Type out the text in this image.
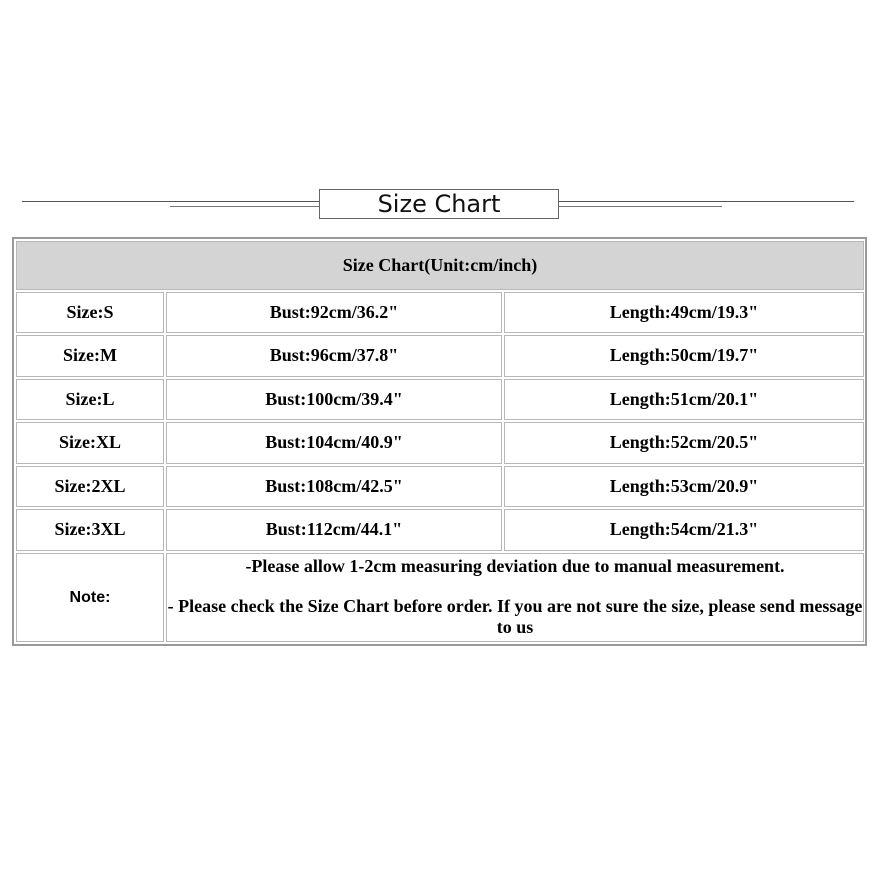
Size Chart
Size Chart(Unit:cm/inch)		
Size:S	Bust:92cm/36.2"	Length:49cm/19.3"
Size:M	Bust:96cm/37.8"	Length:50cm/19.7"
Size:L	Bust:100cm/39.4"	Length:51cm/20.1"
Size:XL	Bust:104cm/40.9"	Length:52cm/20.5"
Size:2XL	Bust:108cm/42.5"	Length:53cm/20.9"
Size:3XL	Bust:112cm/44.1"	Length:54cm/21.3"
Note:	-Please allow 1-2cm measuring deviation due to manual measurement.
- Please check the Size Chart before order. If you are not sure the size, please send message to us	
